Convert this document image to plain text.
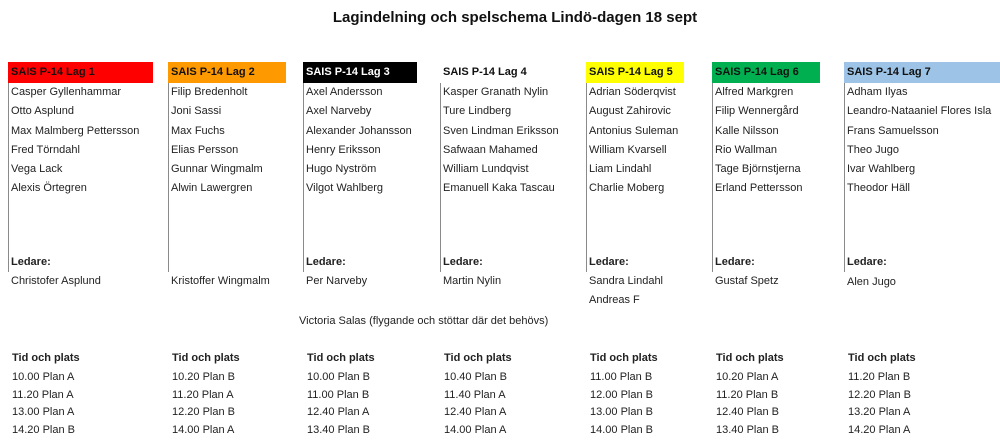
Lagindelning och spelschema Lindö-dagen 18 sept
SAIS P-14 Lag 1
Casper Gyllenhammar
Otto Asplund
Max Malmberg Pettersson
Fred Törndahl
Vega Lack
Alexis Örtegren
Ledare:
Christofer Asplund
SAIS P-14 Lag 2
Filip Bredenholt
Joni Sassi
Max Fuchs
Elias Persson
Gunnar Wingmalm
Alwin Lawergren
Kristoffer Wingmalm
SAIS P-14 Lag 3
Axel Andersson
Axel Narveby
Alexander Johansson
Henry Eriksson
Hugo Nyström
Vilgot Wahlberg
Ledare:
Per Narveby
SAIS P-14 Lag 4
Kasper Granath Nylin
Ture Lindberg
Sven Lindman Eriksson
Safwaan Mahamed
William Lundqvist
Emanuell Kaka Tascau
Ledare:
Martin Nylin
SAIS P-14 Lag 5
Adrian Söderqvist
August Zahirovic
Antonius Suleman
William Kvarsell
Liam Lindahl
Charlie Moberg
Ledare:
Sandra Lindahl
Andreas F
SAIS P-14 Lag 6
Alfred Markgren
Filip Wennergård
Kalle Nilsson
Rio Wallman
Tage Björnstjerna
Erland Pettersson
Ledare:
Gustaf Spetz
SAIS P-14 Lag 7
Adham Ilyas
Leandro-Nataaniel Flores Isla
Frans Samuelsson
Theo Jugo
Ivar Wahlberg
Theodor Häll
Ledare:
Alen Jugo
Victoria Salas (flygande och stöttar där det behövs)
Tid och plats
10.00 Plan A
11.20 Plan A
13.00 Plan A
14.20 Plan B
Tid och plats
10.20 Plan B
11.20 Plan A
12.20 Plan B
14.00 Plan A
Tid och plats
10.00 Plan B
11.00 Plan B
12.40 Plan A
13.40 Plan B
Tid och plats
10.40 Plan B
11.40 Plan A
12.40 Plan A
14.00 Plan A
Tid och plats
11.00 Plan B
12.00 Plan B
13.00 Plan B
14.00 Plan B
Tid och plats
10.20 Plan A
11.20 Plan B
12.40 Plan B
13.40 Plan B
Tid och plats
11.20 Plan B
12.20 Plan B
13.20 Plan A
14.20 Plan A
